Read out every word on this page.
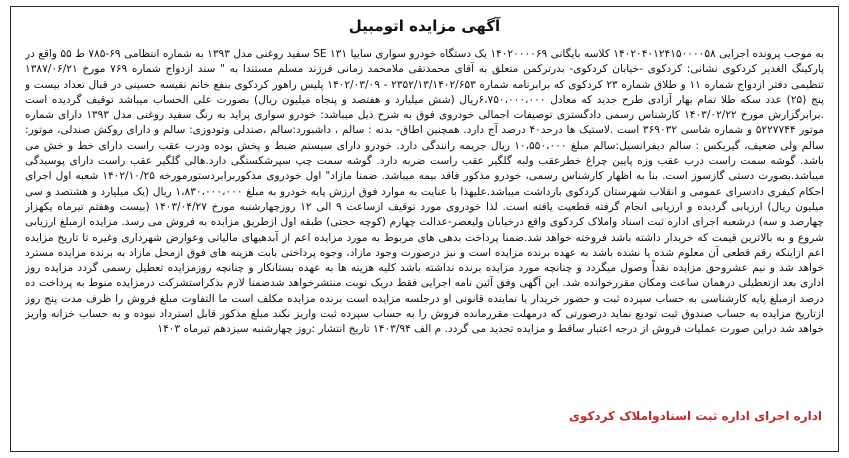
آگهی مزایده اتومبیل
به موجب پرونده اجرایی ۱۴۰۲۰۴۰۱۲۴۱۵۰۰۰۰۵۸ کلاسه بایگانی ۱۴۰۲۰۰۰۰۶۹ یک دستگاه خودرو سواری سایپا SE ۱۳۱ سفید روغنی مدل ۱۳۹۳ به شماره انتظامی ۶۹-۷۸۵ ط ۵۵ واقع در پارکینگ الغدیر کردکوی نشانی: کردکوی -خیابان کردکوی- بدرترکمن متعلق به آقای محمدتقی ملامحمد زمانی فرزند مسلم مستندا به " سند ازدواج شماره ۷۶۹ مورخ ۱۳۸۷/۰۶/۲۱ تنظیمی دفتر ازدواج شماره ۱۱ و طلاق شماره ۲۳ کردکوی که برابرنامه شماره ۲۳۵۲/۱۳/۱۴۰۲/۶۵۳ - ۱۴۰۲/۰۳/۰۹ پلیس راهور کردکوی بنفع خانم نفیسه حسینی در قبال تعداد بیست و پنج (۲۵) عدد سکه طلا تمام بهار آزادی طرح جدید که معادل ۶،۷۵۰،۰۰۰،۰۰۰ریال (شش میلیارد و هفتصد و پنجاه میلیون ریال) بصورت علی الحساب میباشد توقیف گردیده است .برابرگزارش مورخ ۱۴۰۳/۰۲/۲۲ کارشناس رسمی دادگستری توصیفات اجمالی خودروی فوق به شرح ذیل میباشد: خودرو سواری پراید به رنگ سفید روغنی مدل ۱۳۹۳ دارای شماره موتور ۵۲۲۷۷۴۴ و شماره شاسی ۳۶۹۰۳۲ است .لاستیک ها درحد۴۰ درصد آج دارد. همچنین اطاق- بدنه : سالم ، داشبورد:سالم ،صندلی وتودوزی: سالم و دارای روکش صندلی، موتور: سالم ولی ضعیف، گیربکس : سالم دیفرانسیل:سالم مبلغ ۱۰،۵۵۰،۰۰۰ ریال جریمه رانندگی دارد. خودرو دارای سیستم ضبط و پخش بوده ودرب عقب راست دارای خط و خش می باشد. گوشه سمت راست درب عقب وزه پایین چراغ خطرعقب ولبه گلگیر عقب راست ضربه دارد. گوشه سمت چپ سپرشکستگی دارد.هالی گلگیر عقب راست دارای پوسیدگی میباشد.بصورت دستی گازسوز است. بنا به اظهار کارشناس رسمی، خودرو مذکور فاقد بیمه میباشد. ضمنا مازاد" اول خودروی مذکوربرابردستورمورخه ۱۴۰۲/۱۰/۲۵ شعبه اول اجرای احکام کیفری دادسرای عمومی و انقلاب شهرستان کردکوی بازداشت میباشد.علیهذا با عنایت به موارد فوق ارزش پایه خودرو به مبلغ ۱،۸۳۰،۰۰۰،۰۰۰ ریال (یک میلیارد و هشتصد و سی میلیون ریال) ارزیابی گردیده و ارزیابی انجام گرفته قطعیت یافته است. لذا خودروی مورد توقیف ازساعت ۹ الی ۱۲ روزچهارشنبه مورخ ۱۴۰۳/۰۴/۲۷ (بیست وهفتم تیرماه یکهزار چهارصد و سه) درشعبه اجرای اداره ثبت اسناد واملاک کردکوی واقع درخیابان ولیعصر-عدالت چهارم (کوچه حجتی) طبقه اول ازطریق مزایده به فروش می رسد. مزایده ازمبلغ ارزیابی شروع و به بالاترین قیمت که خریدار داشته باشد فروخته خواهد شد.ضمنا پرداخت بدهی های مربوط به مورد مزایده اعم از آبدهیهای مالیاتی وعوارض شهرداری وغیره تا تاریخ مزایده اعم ازاینکه رقم قطعی آن معلوم شده یا نشده باشد به عهده برنده مزایده است و نیز درصورت وجود مازاد، وجوه پرداختی بابت هزینه های فوق ازمحل مازاد به برنده مزایده مسترد خواهد شد و نیم عشروحق مزایده نقداً وصول میگردد و چنانچه مورد مزایده برنده نداشته باشد کلیه هزینه ها به عهده بستانکار و چنانچه روزمزایده تعطیل رسمی گردد مزایده روز اداری بعد ازتعطیلی درهمان ساعت ومکان مقررخوانده شد. این آگهی وفق آئین نامه اجرایی فقط دریک نوبت منتشرخواهد شدضمنا لازم بذکراستشرکت درمزایده منوط به پرداخت ده درصد ازمبلغ پایه کارشناسی به حساب سپرده ثبت و حضور خریدار یا نماینده قانونی او درجلسه مزایده است برنده مزایده مکلف است ما التفاوت مبلغ فروش را ظرف مدت پنج روز ازتاریخ مزایده به حساب صندوق ثبت تودیع نماید درصورتی که درمهلت مقررمانده فروش را به حساب سپرده ثبت واریز نکند مبلغ مذکور قابل استرداد نبوده و به حساب خزانه واریز خواهد شد دراین صورت عملیات فروش از درجه اعتبار ساقط و مزایده تجدید می گردد. م الف ۱۴۰۳/۹۴ تاریخ انتشار :روز چهارشنبه سیزدهم تیرماه ۱۴۰۳
اداره اجرای اداره ثبت اسنادواملاک کردکوی
